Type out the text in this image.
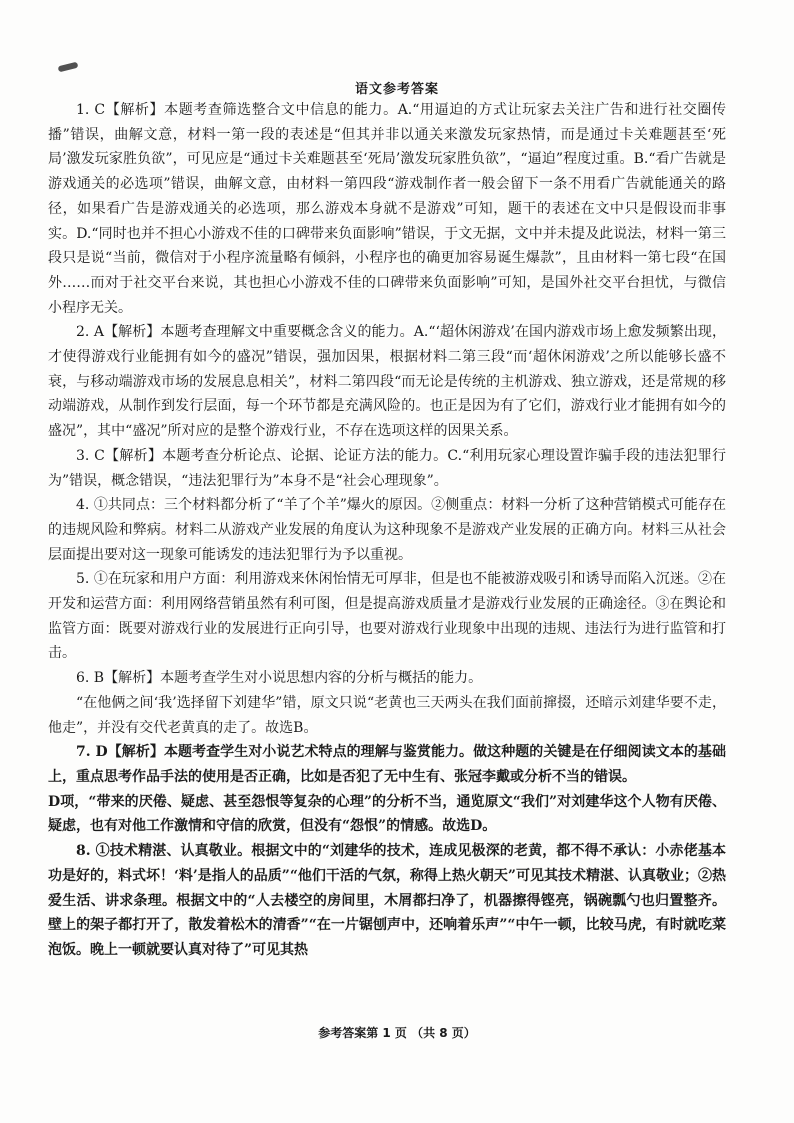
语文参考答案

1. C【解析】本题考查筛选整合文中信息的能力。A.“用逼迫的方式让玩家去关注广告和进行社交圈传播”错误，曲解文意，材料一第一段的表述是“但其并非以通关来激发玩家热情，而是通过卡关难题甚至‘死局’激发玩家胜负欲”，可见应是“通过卡关难题甚至‘死局’激发玩家胜负欲”，“逼迫”程度过重。B.“看广告就是游戏通关的必选项”错误，曲解文意，由材料一第四段“游戏制作者一般会留下一条不用看广告就能通关的路径，如果看广告是游戏通关的必选项，那么游戏本身就不是游戏”可知，题干的表述在文中只是假设而非事实。D.“同时也并不担心小游戏不佳的口碑带来负面影响”错误，于文无据，文中并未提及此说法，材料一第三段只是说“当前，微信对于小程序流量略有倾斜，小程序也的确更加容易诞生爆款”，且由材料一第七段“在国外……而对于社交平台来说，其也担心小游戏不佳的口碑带来负面影响”可知，是国外社交平台担忧，与微信小程序无关。

2. A【解析】本题考查理解文中重要概念含义的能力。A.“‘超休闲游戏’在国内游戏市场上愈发频繁出现，才使得游戏行业能拥有如今的盛况”错误，强加因果，根据材料二第三段“而‘超休闲游戏’之所以能够长盛不衰，与移动端游戏市场的发展息息相关”，材料二第四段“而无论是传统的主机游戏、独立游戏，还是常规的移动端游戏，从制作到发行层面，每一个环节都是充满风险的。也正是因为有了它们，游戏行业才能拥有如今的盛况”，其中“盛况”所对应的是整个游戏行业，不存在选项这样的因果关系。

3. C【解析】本题考查分析论点、论据、论证方法的能力。C.“利用玩家心理设置诈骗手段的违法犯罪行为”错误，概念错误，“违法犯罪行为”本身不是“社会心理现象”。

4. ①共同点：三个材料都分析了“羊了个羊”爆火的原因。②侧重点：材料一分析了这种营销模式可能存在的违规风险和弊病。材料二从游戏产业发展的角度认为这种现象不是游戏产业发展的正确方向。材料三从社会层面提出要对这一现象可能诱发的违法犯罪行为予以重视。

5. ①在玩家和用户方面：利用游戏来休闲怡情无可厚非，但是也不能被游戏吸引和诱导而陷入沉迷。②在开发和运营方面：利用网络营销虽然有利可图，但是提高游戏质量才是游戏行业发展的正确途径。③在舆论和监管方面：既要对游戏行业的发展进行正向引导，也要对游戏行业现象中出现的违规、违法行为进行监管和打击。

6. B【解析】本题考查学生对小说思想内容的分析与概括的能力。

“在他俩之间‘我’选择留下刘建华”错，原文只说“老黄也三天两头在我们面前撺掇，还暗示刘建华要不走，他走”，并没有交代老黄真的走了。故选B。

7. D【解析】本题考查学生对小说艺术特点的理解与鉴赏能力。做这种题的关键是在仔细阅读文本的基础上，重点思考作品手法的使用是否正确，比如是否犯了无中生有、张冠李戴或分析不当的错误。

D项，“带来的厌倦、疑虑、甚至怨恨等复杂的心理”的分析不当，通览原文“我们”对刘建华这个人物有厌倦、疑虑，也有对他工作激情和守信的欣赏，但没有“怨恨”的情感。故选D。

8. ①技术精湛、认真敬业。根据文中的“刘建华的技术，连成见极深的老黄，都不得不承认：小赤佬基本功是好的，料式坏！‘料’是指人的品质”“他们干活的气氛，称得上热火朝天”可见其技术精湛、认真敬业；②热爱生活、讲求条理。根据文中的“人去楼空的房间里，木屑都扫净了，机器擦得铿亮，锅碗瓢勺也归置整齐。壁上的架子都打开了，散发着松木的清香”“在一片锯刨声中，还响着乐声”“中午一顿，比较马虎，有时就吃菜泡饭。晚上一顿就要认真对待了”可见其热

参考答案第 1 页 （共 8 页）
